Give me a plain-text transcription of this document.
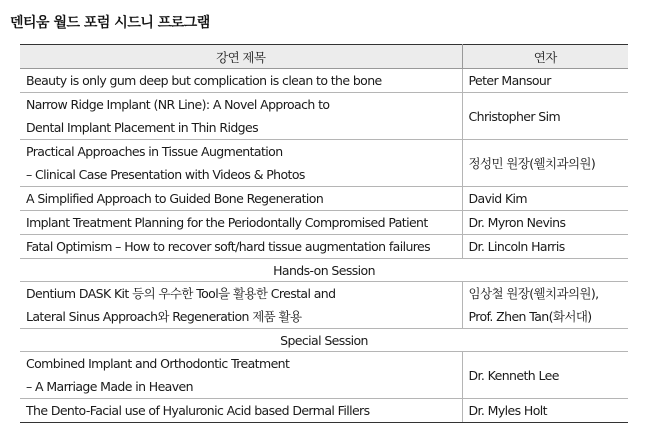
덴티움 월드 포럼 시드니 프로그램
강연 제목	연자

Beauty is only gum deep but complication is clean to the bone	Peter Mansour

Narrow Ridge Implant (NR Line): A Novel Approach to
Dental Implant Placement in Thin Ridges	Christopher Sim

Practical Approaches in Tissue Augmentation
– Clinical Case Presentation with Videos & Photos	정성민 원장(웰치과의원)

A Simplified Approach to Guided Bone Regeneration	David Kim

Implant Treatment Planning for the Periodontally Compromised Patient	Dr. Myron Nevins

Fatal Optimism – How to recover soft/hard tissue augmentation failures	Dr. Lincoln Harris

Hands-on Session	

Dentium DASK Kit 등의 우수한 Tool을 활용한 Crestal and
Lateral Sinus Approach와 Regeneration 제품 활용	임상철 원장(웰치과의원),
Prof. Zhen Tan(화서대)

Special Session	

Combined Implant and Orthodontic Treatment
– A Marriage Made in Heaven	Dr. Kenneth Lee

The Dento-Facial use of Hyaluronic Acid based Dermal Fillers	Dr. Myles Holt
